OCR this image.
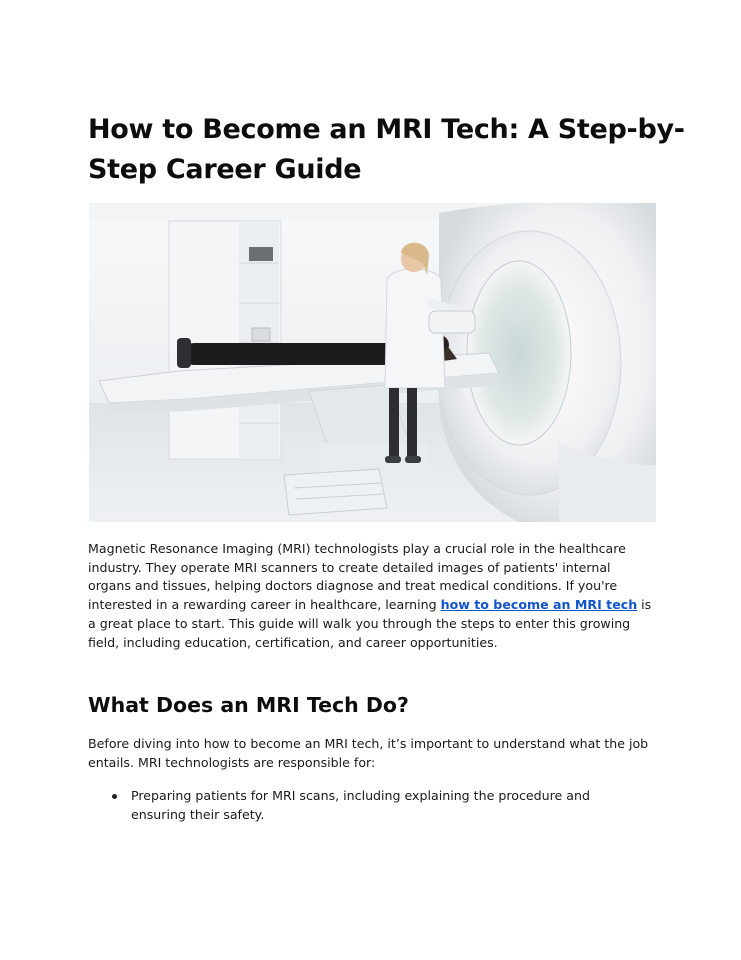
How to Become an MRI Tech: A Step-by-Step Career Guide

Magnetic Resonance Imaging (MRI) technologists play a crucial role in the healthcare industry. They operate MRI scanners to create detailed images of patients' internal organs and tissues, helping doctors diagnose and treat medical conditions. If you're interested in a rewarding career in healthcare, learning how to become an MRI tech is a great place to start. This guide will walk you through the steps to enter this growing field, including education, certification, and career opportunities.

What Does an MRI Tech Do?

Before diving into how to become an MRI tech, it’s important to understand what the job entails. MRI technologists are responsible for:

Preparing patients for MRI scans, including explaining the procedure and ensuring their safety.
